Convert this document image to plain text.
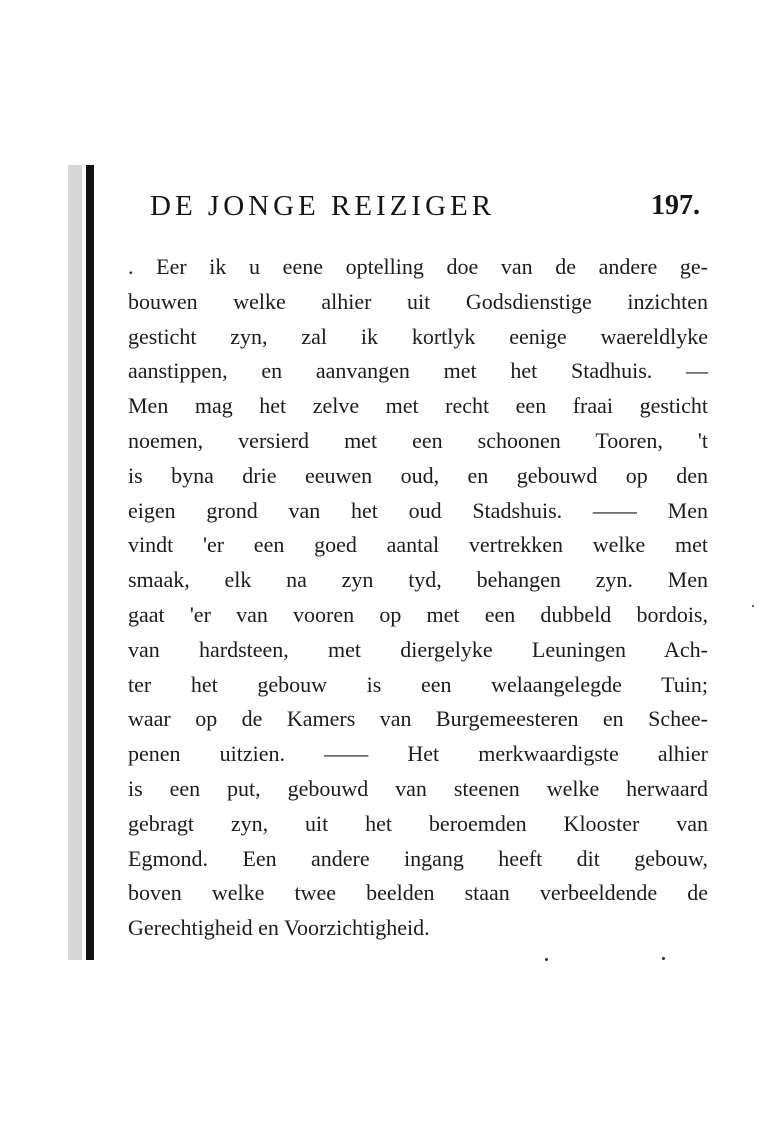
DE JONGE REIZIGER	197.
. Eer ik u eene optelling doe van de andere ge-
bouwen welke alhier uit Godsdienstige inzichten
gesticht zyn, zal ik kortlyk eenige waereldlyke
aanstippen, en aanvangen met het Stadhuis. —
Men mag het zelve met recht een fraai gesticht
noemen, versierd met een schoonen Tooren, 't
is byna drie eeuwen oud, en gebouwd op den
eigen grond van het oud Stadshuis. —— Men
vindt 'er een goed aantal vertrekken welke met
smaak, elk na zyn tyd, behangen zyn. Men
gaat 'er van vooren op met een dubbeld bordois,
van hardsteen, met diergelyke Leuningen Ach-
ter het gebouw is een welaangelegde Tuin;
waar op de Kamers van Burgemeesteren en Schee-
penen uitzien. —— Het merkwaardigste alhier
is een put, gebouwd van steenen welke herwaard
gebragt zyn, uit het beroemden Klooster van
Egmond. Een andere ingang heeft dit gebouw,
boven welke twee beelden staan verbeeldende de
Gerechtigheid en Voorzichtigheid.
